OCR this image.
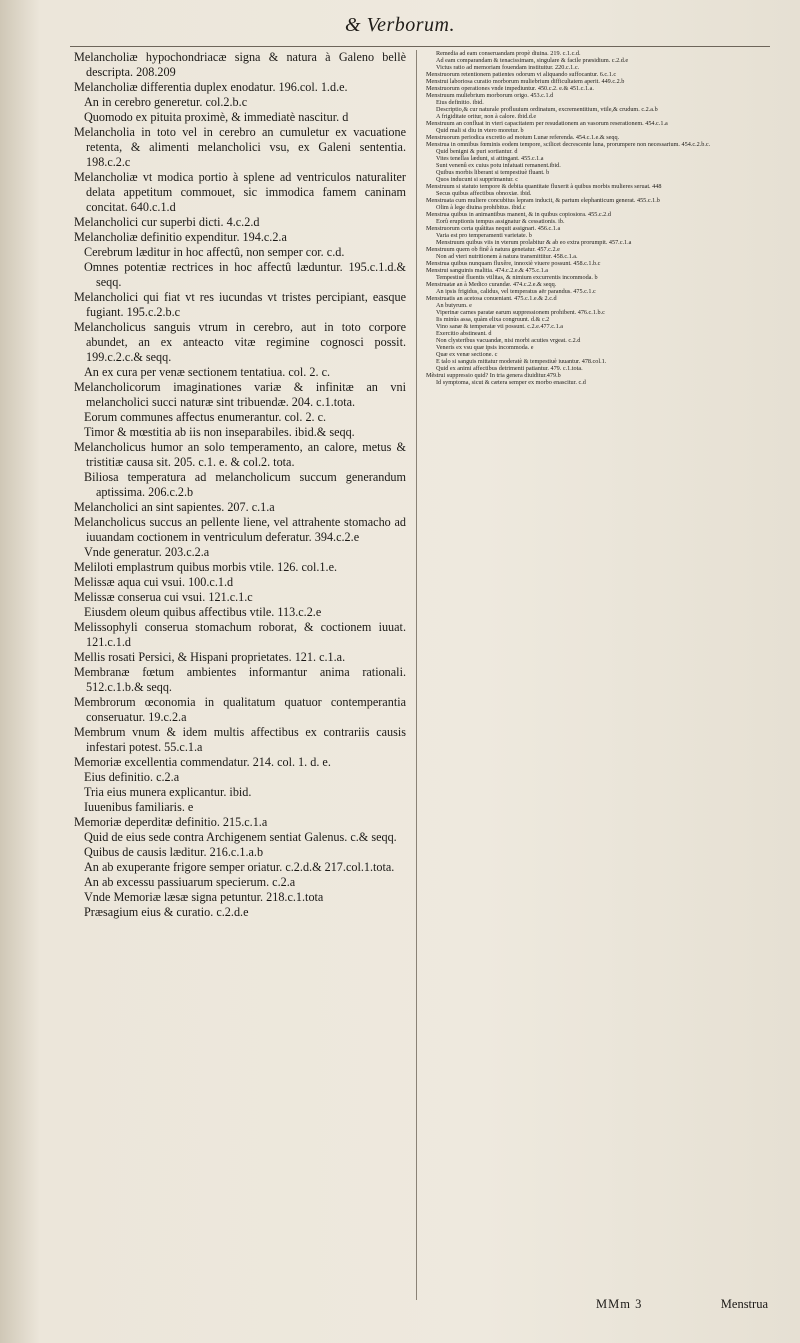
& Verborum.

Melancholiæ hypochondriacæ signa & natura à Galeno bellè descripta. 208.209

Melancholiæ differentia duplex enodatur. 196.col. 1.d.e.

An in cerebro generetur. col.2.b.c

Quomodo ex pituita proximè, & immediatè nascitur. d

Melancholia in toto vel in cerebro an cumuletur ex vacuatione retenta, & alimenti melancholici vsu, ex Galeni sententia. 198.c.2.c

Melancholiæ vt modica portio à splene ad ventriculos naturaliter delata appetitum commouet, sic immodica famem caninam concitat. 640.c.1.d

Melancholici cur superbi dicti. 4.c.2.d

Melancholiæ definitio expenditur. 194.c.2.a

Cerebrum læditur in hoc affectû, non semper cor. c.d.

Omnes potentiæ rectrices in hoc affectû læduntur. 195.c.1.d.& seqq.

Melancholici qui fiat vt res iucundas vt tristes percipiant, easque fugiant. 195.c.2.b.c

Melancholicus sanguis vtrum in cerebro, aut in toto corpore abundet, an ex anteacto vitæ regimine cognosci possit. 199.c.2.c.& seqq.

An ex cura per venæ sectionem tentatiua. col. 2. c.

Melancholicorum imaginationes variæ & infinitæ an vni melancholici succi naturæ sint tribuendæ. 204. c.1.tota.

Eorum communes affectus enumerantur. col. 2. c.

Timor & mœstitia ab iis non inseparabiles. ibid.& seqq.

Melancholicus humor an solo temperamento, an calore, metus & tristitiæ causa sit. 205. c.1. e. & col.2. tota.

Biliosa temperatura ad melancholicum succum generandum aptissima. 206.c.2.b

Melancholici an sint sapientes. 207. c.1.a

Melancholicus succus an pellente liene, vel attrahente stomacho ad iuuandam coctionem in ventriculum deferatur. 394.c.2.e

Vnde generatur. 203.c.2.a

Meliloti emplastrum quibus morbis vtile. 126. col.1.e.

Melissæ aqua cui vsui. 100.c.1.d

Melissæ conserua cui vsui. 121.c.1.c

Eiusdem oleum quibus affectibus vtile. 113.c.2.e

Melissophyli conserua stomachum roborat, & coctionem iuuat. 121.c.1.d

Mellis rosati Persici, & Hispani proprietates. 121. c.1.a.

Membranæ fœtum ambientes informantur anima rationali. 512.c.1.b.& seqq.

Membrorum œconomia in qualitatum quatuor contemperantia conseruatur. 19.c.2.a

Membrum vnum & idem multis affectibus ex contrariis causis infestari potest. 55.c.1.a

Memoriæ excellentia commendatur. 214. col. 1. d. e.

Eius definitio. c.2.a

Tria eius munera explicantur. ibid.

Iuuenibus familiaris. e

Memoriæ deperditæ definitio. 215.c.1.a

Quid de eius sede contra Archigenem sentiat Galenus. c.& seqq.

Quibus de causis læditur. 216.c.1.a.b

An ab exuperante frigore semper oriatur. c.2.d.& 217.col.1.tota.

An ab excessu passiuarum specierum. c.2.a

Vnde Memoriæ læsæ signa petuntur. 218.c.1.tota

Præsagium eius & curatio. c.2.d.e

Remedia ad eam conseruandam propè diuina. 219. c.1.c.d.

Ad eam comparandam & tenacissimam, singulare & facile præsidium. c.2.d.e

Victus ratio ad memoriam fouendam instituitur. 220.c.1.c.

Menstruorum retentionem patientes odorum vi aliquando suffocantur. 6.c.1.c

Menstrui laboriosa curatio morborum muliebrium difficultatem aperit. 449.c.2.b

Menstruorum operationes vnde impediuntur. 450.c.2. e.& 451.c.1.a.

Menstruum muliebrium morborum origo. 453.c.1.d

Eius definitio. ibid.

Descriptio,& cur naturale profluuium ordinatum, excrementitium, vtile,& crudum. c.2.a.b

A frigiditate oritur, non à calore. ibid.d.e

Menstruum an confluat in vteri capacitatem per resudationem an vasorum reserationem. 454.c.1.a

Quid mali si diu in vtero moretur. b

Menstruorum periodica excretio ad motum Lunæ referenda. 454.c.1.e.& seqq.

Menstrua in omnibus fœminis eodem tempore, scilicet decrescente luna, prorumpere non necessarium. 454.c.2.b.c.

Quid benigni & puri sortiantur. d

Vites tenellas lædunt, si attingant. 455.c.1.a

Sunt venenû ex cuius potu infatuati remanent.ibid.

Quibus morbis liberant si tempestiuè fluant. b

Quos inducunt si supprimantur. c

Menstruum si statuto tempore & debita quantitate fluxerit à quibus morbis mulieres seruat. 448

Secus quibus affectibus obnoxiæ. ibid.

Menstruata cum muliere concubitus lepram inducit, & partum elephanticum generat. 455.c.1.b

Olim à lege diuina prohibitus. ibid.c

Menstrua quibus in animantibus manent, & in quibus copiosiora. 455.c.2.d

Eorû eruptionis tempus assignatur & cessationis. ib.

Menstruorum certa quâtitas nequit assignari. 456.c.1.a

Varia est pro temperamenti varietate. b

Menstruum quibus viis in vterum prolabitur & ab eo extra prorumpit. 457.c.1.a

Menstruum quem ob finê à natura genetatur. 457.c.2.e

Non ad vteri nutritionem à natura transmittitur. 458.c.1.a.

Menstrua quibus nunquam fluxêre, innoxiè viuere possunt. 458.c.1.b.c

Menstrui sanguinis malitia. 474.c.2.e.& 475.c.1.a

Tempestiuè fluentis vtilitas, & nimium excurrentis incommoda. b

Menstruatæ an à Medico curandæ. 474.c.2.e.& seqq.

An ipsis frigidus, calidus, vel temperatus aër parandus. 475.c.1.c

Menstruatis an acetosa conueniant. 475.c.1.e.& 2.c.d

An butyrum. e

Viperinæ carnes paratæ earum suppressionem prohibent. 476.c.1.b.c

Iis minùs assa, quàm elixa congruunt. d.& c.2

Vino sanæ & temperatæ vti possunt. c.2.e.477.c.1.a

Exercitio abstineant. d

Non clysteribus vacuandæ, nisi morbi acuties vrgeat. c.2.d

Veneris ex vsu quæ ipsis incommoda. e

Quæ ex venæ sectione. c

E talo si sanguis mittatur moderatè & tempestiuè iuuantur. 478.col.1.

Quid ex animi affectibus detrimenti patiantur. 479. c.1.tota.

Mẽstrui suppressio quid? In tria genera diuiditur.479.b

Id symptoma, sicut & cætera semper ex morbo enascitur. c.d

MMm 3	Menstrua
